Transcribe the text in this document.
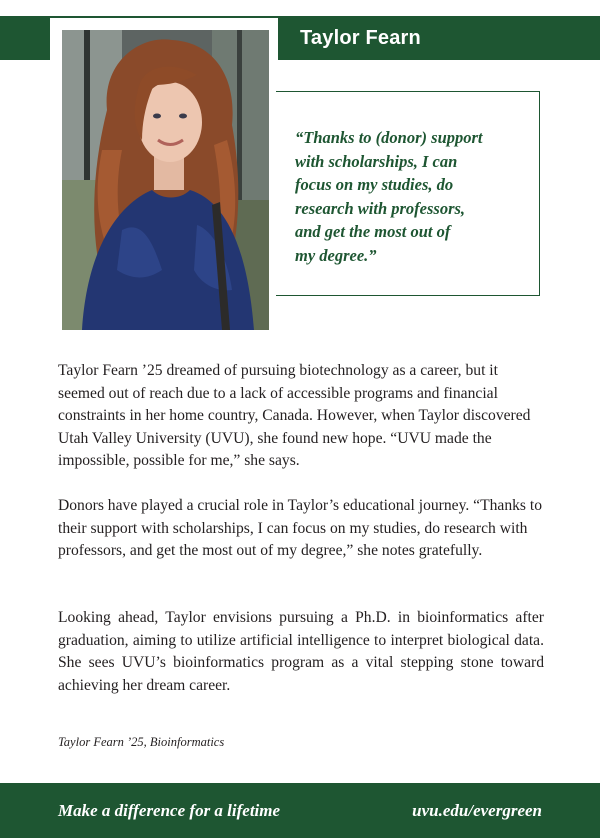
Taylor Fearn
“Thanks to (donor) support
with scholarships, I can
focus on my studies, do
research with professors,
and get the most out of
my degree.”

Taylor Fearn ’25 dreamed of pursuing biotechnology as a career, but it seemed out of reach due to a lack of accessible programs and financial constraints in her home country, Canada. However, when Taylor discovered Utah Valley University (UVU), she found new hope. “UVU made the impossible, possible for me,” she says.

Donors have played a crucial role in Taylor’s educational journey. “Thanks to their support with scholarships, I can focus on my studies, do research with professors, and get the most out of my degree,” she notes gratefully.

Looking ahead, Taylor envisions pursuing a Ph.D. in bioinformatics after graduation, aiming to utilize artificial intelligence to interpret biological data. She sees UVU’s bioinformatics program as a vital stepping stone toward achieving her dream career.

Taylor Fearn ’25, Bioinformatics
Make a difference for a lifetime	uvu.edu/evergreen
